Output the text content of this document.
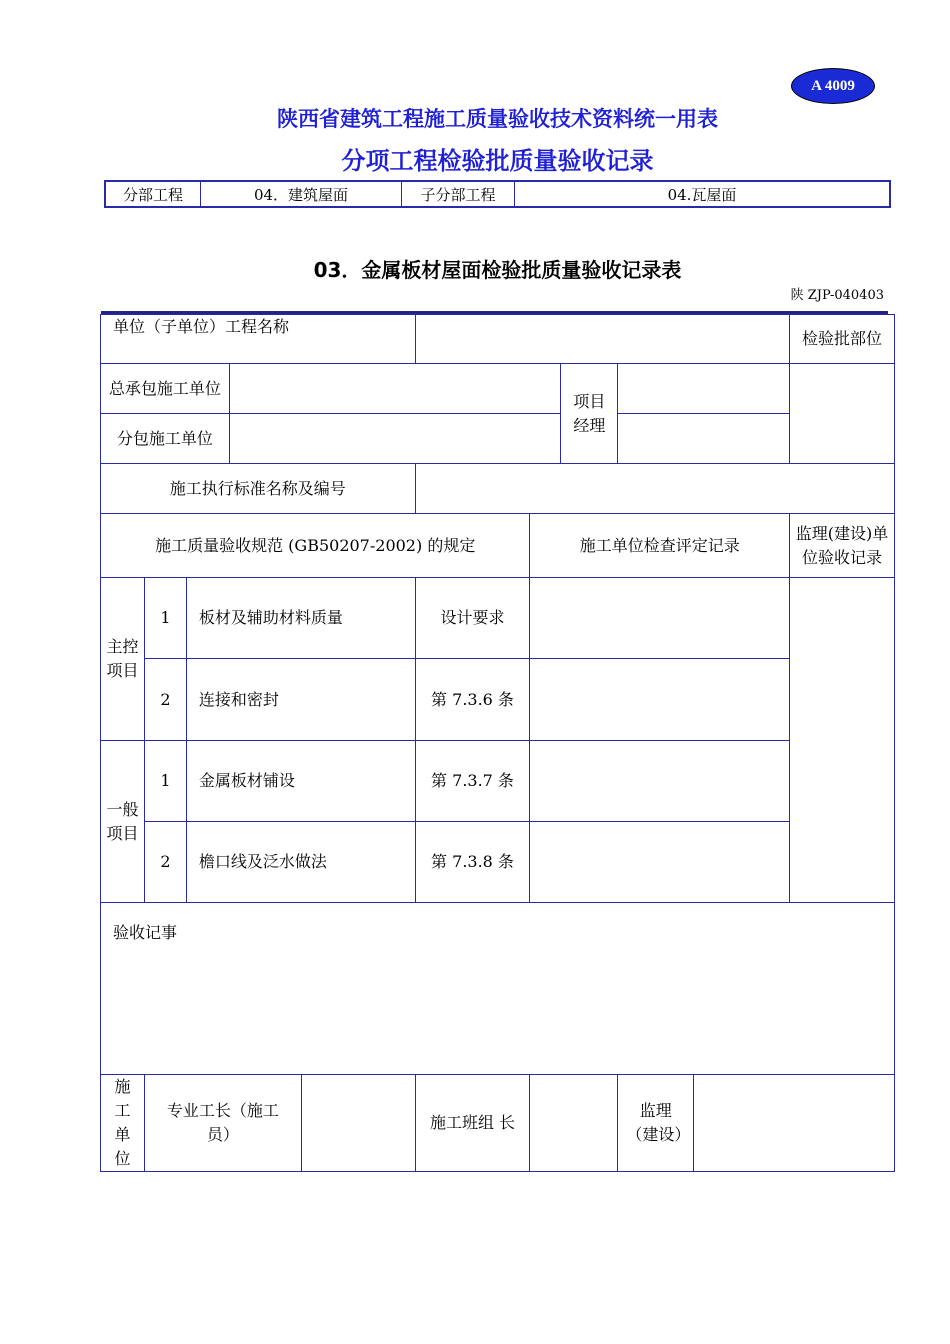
A 4009
陕西省建筑工程施工质量验收技术资料统一用表
分项工程检验批质量验收记录
分部工程	04．建筑屋面	子分部工程	04.瓦屋面
03．金属板材屋面检验批质量验收记录表
陕 ZJP-040403
单位（子单位）工程名称										检验批部位
总承包施工单位							项目经理			
分包施工单位										
施工执行标准名称及编号										
施工质量验收规范 (GB50207-2002) 的规定						施工单位检查评定记录				监理(建设)单位验收记录
主控项目	1	板材及辅助材料质量			设计要求					
	2	连接和密封			第 7.3.6 条					
一般项目	1	金属板材铺设			第 7.3.7 条					
	2	檐口线及泛水做法			第 7.3.8 条					
验收记事										
施工单位	专业工长（施工员）				施工班组 长			监理（建设）		
